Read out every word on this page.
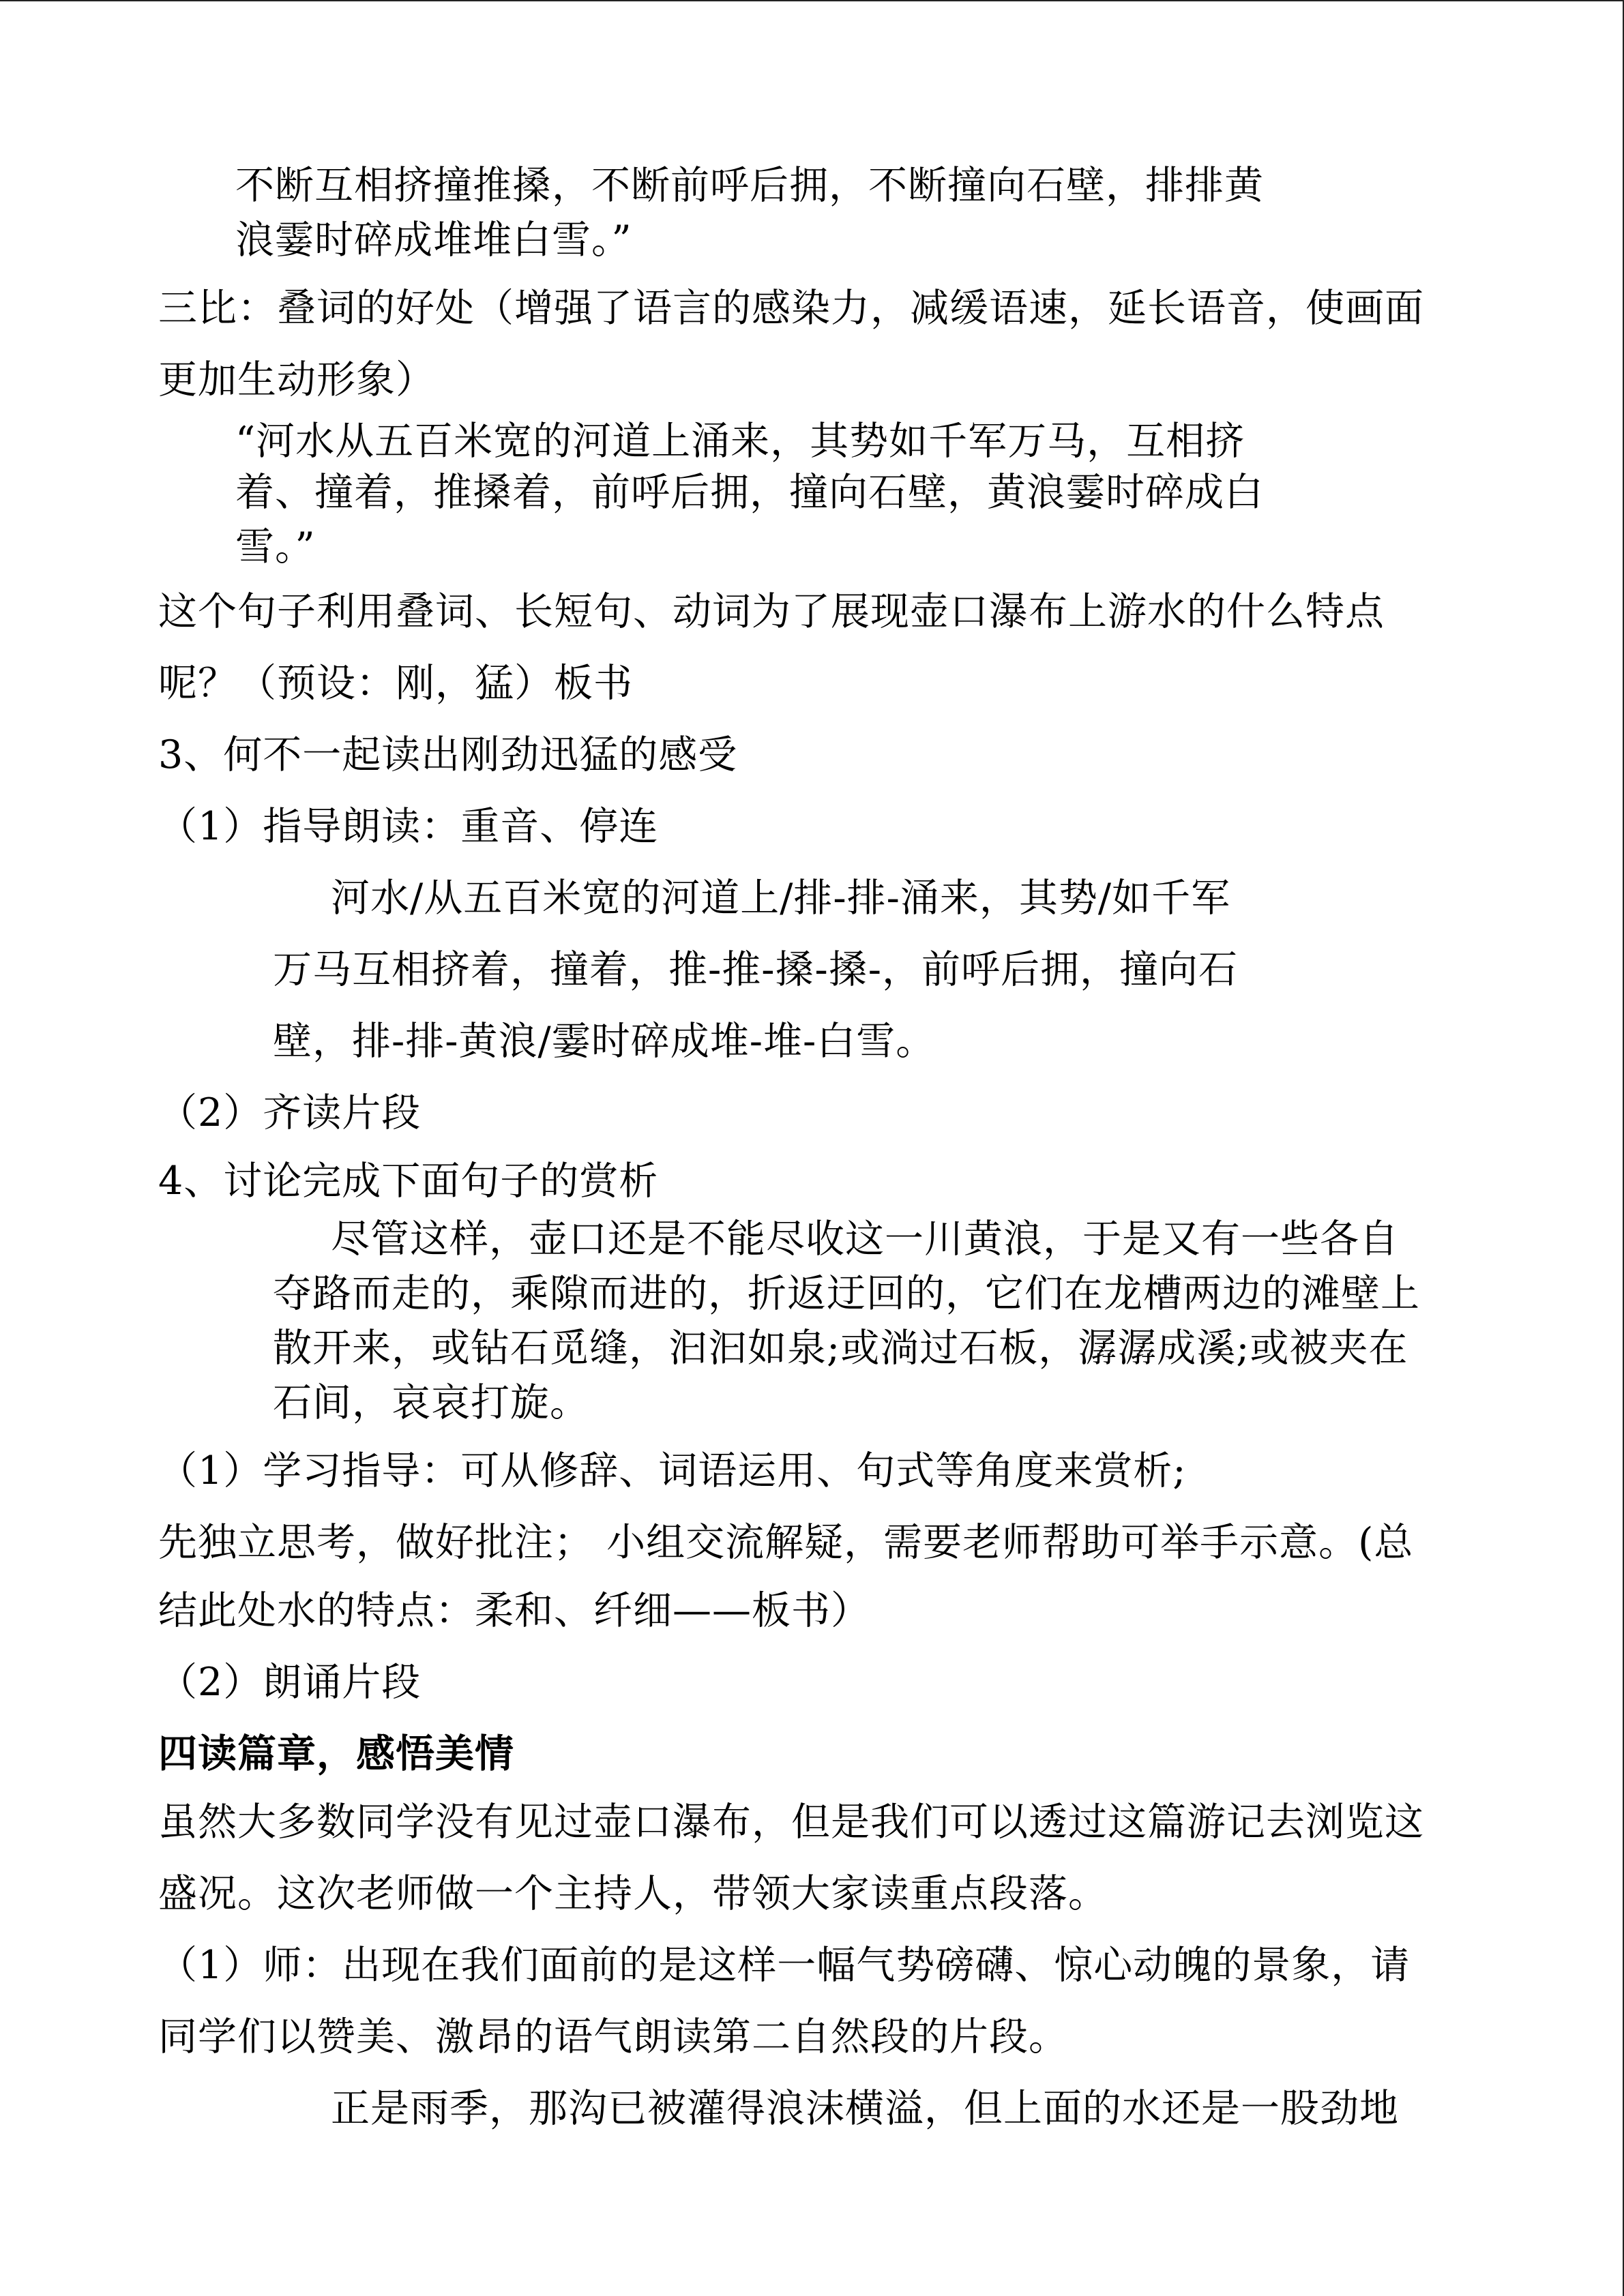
不断互相挤撞推搡，不断前呼后拥，不断撞向石壁，排排黄

浪霎时碎成堆堆白雪。”

三比：叠词的好处（增强了语言的感染力，减缓语速，延长语音，使画面

更加生动形象）

“河水从五百米宽的河道上涌来，其势如千军万马，互相挤

着、撞着，推搡着，前呼后拥，撞向石壁，黄浪霎时碎成白

雪。”

这个句子利用叠词、长短句、动词为了展现壶口瀑布上游水的什么特点

呢？（预设：刚，猛）板书

3、何不一起读出刚劲迅猛的感受

（1）指导朗读：重音、停连

河水/从五百米宽的河道上/排-排-涌来，其势/如千军

万马互相挤着，撞着，推-推-搡-搡-，前呼后拥，撞向石

壁，排-排-黄浪/霎时碎成堆-堆-白雪。

（2）齐读片段

4、讨论完成下面句子的赏析

尽管这样，壶口还是不能尽收这一川黄浪，于是又有一些各自

夺路而走的，乘隙而进的，折返迂回的，它们在龙槽两边的滩壁上

散开来，或钻石觅缝，汩汩如泉;或淌过石板，潺潺成溪;或被夹在

石间，哀哀打旋。

（1）学习指导：可从修辞、词语运用、句式等角度来赏析;

先独立思考，做好批注； 小组交流解疑，需要老师帮助可举手示意。(总

结此处水的特点：柔和、纤细——板书）

（2）朗诵片段

四读篇章，感悟美情

虽然大多数同学没有见过壶口瀑布，但是我们可以透过这篇游记去浏览这

盛况。这次老师做一个主持人，带领大家读重点段落。

（1）师：出现在我们面前的是这样一幅气势磅礴、惊心动魄的景象，请

同学们以赞美、激昂的语气朗读第二自然段的片段。

正是雨季，那沟已被灌得浪沫横溢，但上面的水还是一股劲地
